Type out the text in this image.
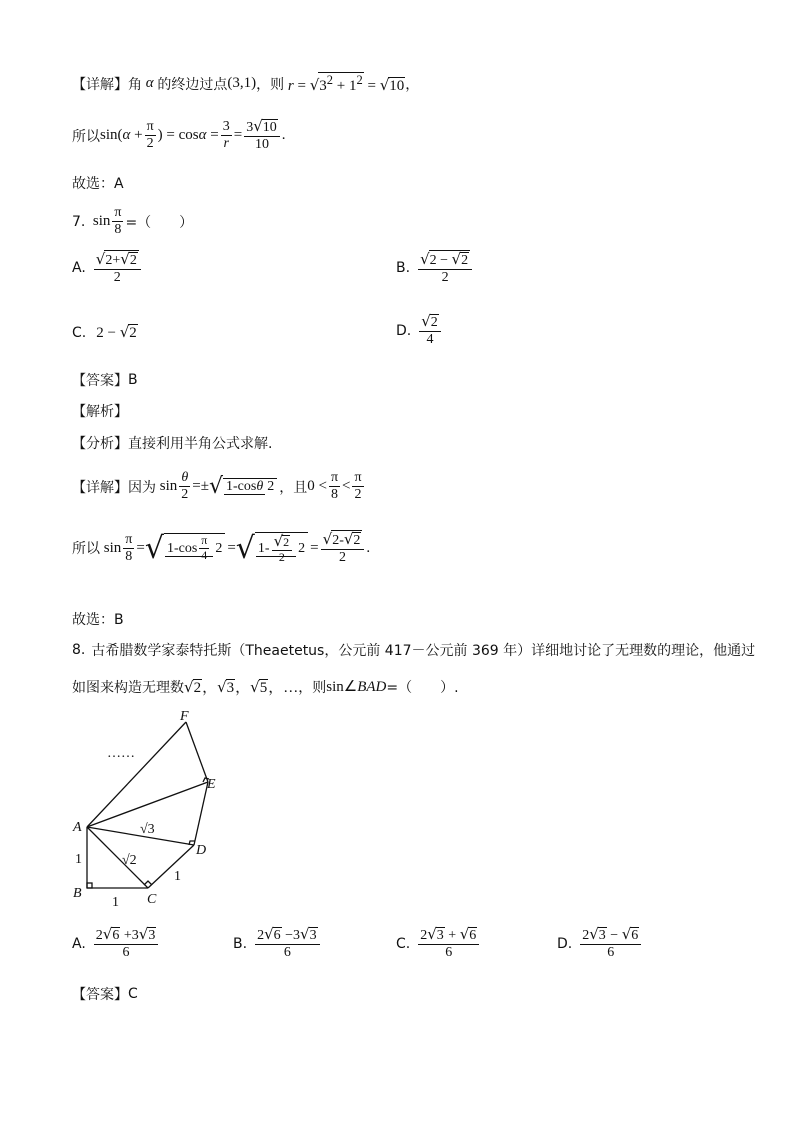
【详解】 角 α 的终边过点 (3,1) ，则 $r = √3^2 + 1^2 = √10$ ，
所以 $\sin(\alpha + \frac{\pi}{2}$ ) = $\cos\alpha = \frac{3}{r} = \frac{3√10}{10}$ .
故选：A
7. $\sin \frac{\pi}{8}$ =（　　）
A. $\frac{√2+√2}{2}$	B. $\frac{√2 - √2}{2}$
C. 2 − √2	D. $\frac{√2}{4}$
【答案】 B
【解析】
【分析】 直接利用半角公式求解.
【详解】 因为 $\sin \frac{\theta}{2}$ =± √ 1-cosθ 2 ，且 $0 < \frac{\pi}{8} < \frac{\pi}{2}$
所以 $\sin \frac{\pi}{8}$ = √ $1-\cos \frac{\pi}{4} 2$ = √ $1- \frac{√2}{2} 2 = \frac{√2-√2}{2}$ .
故选：B
8. 古希腊数学家泰特托斯（Theaetetus，公元前 417－公元前 369 年）详细地讨论了无理数的理论，他通过
如图来构造无理数 √2，√3，√5，… ，则 sin∠BAD =（　　）.
A
B	C
D
E
F
……
1
1
1
√2
√3
A. $\frac{2√6 +3√3}{6}$	B. $\frac{2√6 -3√3}{6}$	C. $\frac{2√3 + √6}{6}$	D. $\frac{2√3 - √6}{6}$
【答案】 C
